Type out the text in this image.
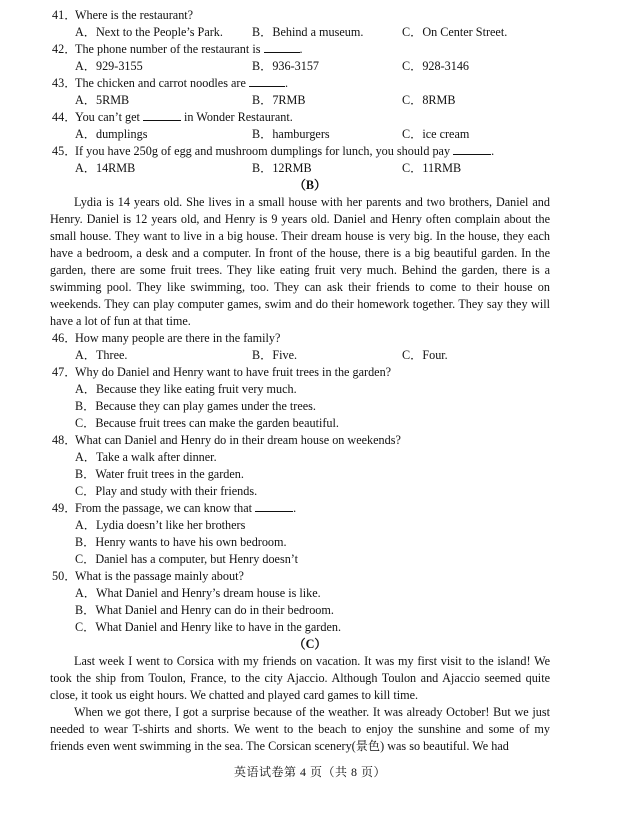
41．
Where is the restaurant?
A．Next to the People’s Park. B．Behind a museum.	C．On Center Street.
42．
The phone number of the restaurant is	.
A．929-3155	B．936-3157	C．928-3146
43．
The chicken and carrot noodles are	.
A．5RMB	B．7RMB	C．8RMB
44．
You can’t get	in Wonder Restaurant.
A．dumplings	B．hamburgers	C．ice cream
45．
If you have 250g of egg and mushroom dumplings for lunch, you should pay	.
A．14RMB	B．12RMB	C．11RMB
（B）
Lydia is 14 years old. She lives in a small house with her parents and two brothers, Daniel and Henry. Daniel is 12 years old, and Henry is 9 years old. Daniel and Henry often complain about the small house. They want to live in a big house. Their dream house is very big. In the house, they each have a bedroom, a desk and a computer. In front of the house, there is a big beautiful garden. In the garden, there are some fruit trees. They like eating fruit very much. Behind the garden, there is a swimming pool. They like swimming, too. They can ask their friends to come to their house on weekends. They can play computer games, swim and do their homework together. They say they will have a lot of fun at that time.
46．
How many people are there in the family?
A．Three.	B．Five.	C．Four.
47．
Why do Daniel and Henry want to have fruit trees in the garden?
A．Because they like eating fruit very much.
B．Because they can play games under the trees.
C．Because fruit trees can make the garden beautiful.
48．
What can Daniel and Henry do in their dream house on weekends?
A．Take a walk after dinner.
B．Water fruit trees in the garden.
C．Play and study with their friends.
49．
From the passage, we can know that	.
A．Lydia doesn’t like her brothers
B．Henry wants to have his own bedroom.
C．Daniel has a computer, but Henry doesn’t
50．
What is the passage mainly about?
A．What Daniel and Henry’s dream house is like.
B．What Daniel and Henry can do in their bedroom.
C．What Daniel and Henry like to have in the garden.
（C）
Last week I went to Corsica with my friends on vacation. It was my first visit to the island! We took the ship from Toulon, France, to the city Ajaccio. Although Toulon and Ajaccio seemed quite close, it took us eight hours. We chatted and played card games to kill time.
When we got there, I got a surprise because of the weather. It was already October! But we just needed to wear T-shirts and shorts. We went to the beach to enjoy the sunshine and some of my friends even went swimming in the sea. The Corsican scenery(景色) was so beautiful. We had
英语试卷第 4 页（共 8 页）
